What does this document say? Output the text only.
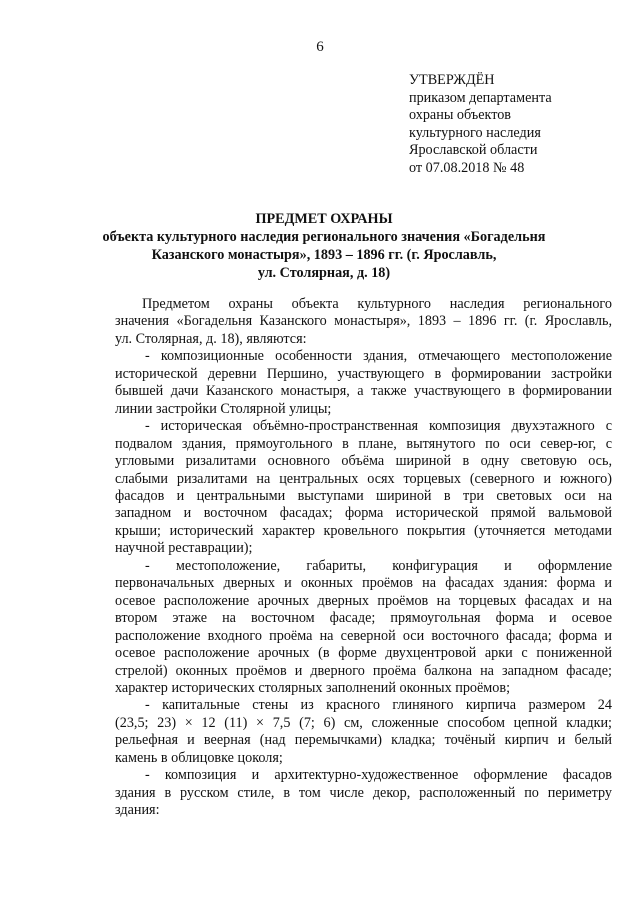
6
УТВЕРЖДЁН
приказом департамента
охраны объектов
культурного наследия
Ярославской области
от 07.08.2018 № 48
ПРЕДМЕТ ОХРАНЫ
объекта культурного наследия регионального значения «Богадельня
Казанского монастыря», 1893 – 1896 гг. (г. Ярославль,
ул. Столярная, д. 18)

Предметом охраны объекта культурного наследия регионального
значения «Богадельня Казанского монастыря», 1893 – 1896 гг. (г. Ярославль,
ул. Столярная, д. 18), являются:

- композиционные особенности здания, отмечающего местоположение
исторической деревни Першино, участвующего в формировании застройки
бывшей дачи Казанского монастыря, а также участвующего в формировании
линии застройки Столярной улицы;

- историческая объёмно-пространственная композиция двухэтажного с
подвалом здания, прямоугольного в плане, вытянутого по оси север-юг, с
угловыми ризалитами основного объёма шириной в одну световую ось,
слабыми ризалитами на центральных осях торцевых (северного и южного)
фасадов и центральными выступами шириной в три световых оси на
западном и восточном фасадах; форма исторической прямой вальмовой
крыши; исторический характер кровельного покрытия (уточняется методами
научной реставрации);

- местоположение, габариты, конфигурация и оформление
первоначальных дверных и оконных проёмов на фасадах здания: форма и
осевое расположение арочных дверных проёмов на торцевых фасадах и на
втором этаже на восточном фасаде; прямоугольная форма и осевое
расположение входного проёма на северной оси восточного фасада; форма и
осевое расположение арочных (в форме двухцентровой арки с пониженной
стрелой) оконных проёмов и дверного проёма балкона на западном фасаде;
характер исторических столярных заполнений оконных проёмов;

- капитальные стены из красного глиняного кирпича размером 24
(23,5; 23) × 12 (11) × 7,5 (7; 6) см, сложенные способом цепной кладки;
рельефная и веерная (над перемычками) кладка; точёный кирпич и белый
камень в облицовке цоколя;

- композиция и архитектурно-художественное оформление фасадов
здания в русском стиле, в том числе декор, расположенный по периметру
здания:
